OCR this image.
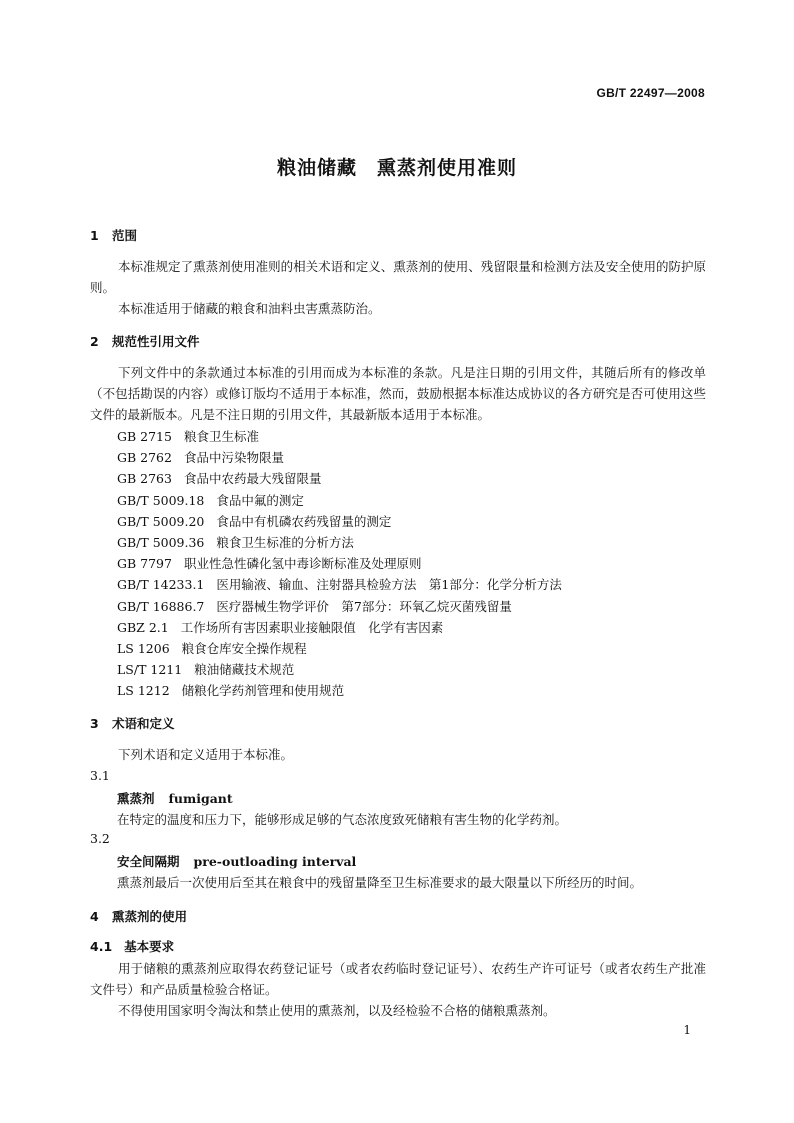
GB/T 22497—2008
粮油储藏　熏蒸剂使用准则
1 范围
本标准规定了熏蒸剂使用准则的相关术语和定义、熏蒸剂的使用、残留限量和检测方法及安全使用的防护原则。
本标准适用于储藏的粮食和油料虫害熏蒸防治。
2 规范性引用文件
下列文件中的条款通过本标准的引用而成为本标准的条款。凡是注日期的引用文件，其随后所有的修改单（不包括勘误的内容）或修订版均不适用于本标准，然而，鼓励根据本标准达成协议的各方研究是否可使用这些文件的最新版本。凡是不注日期的引用文件，其最新版本适用于本标准。
GB 2715 粮食卫生标准
GB 2762 食品中污染物限量
GB 2763 食品中农药最大残留限量
GB/T 5009.18 食品中氟的测定
GB/T 5009.20 食品中有机磷农药残留量的测定
GB/T 5009.36 粮食卫生标准的分析方法
GB 7797 职业性急性磷化氢中毒诊断标准及处理原则
GB/T 14233.1 医用输液、输血、注射器具检验方法　第1部分：化学分析方法
GB/T 16886.7 医疗器械生物学评价　第7部分：环氧乙烷灭菌残留量
GBZ 2.1 工作场所有害因素职业接触限值　化学有害因素
LS 1206 粮食仓库安全操作规程
LS/T 1211 粮油储藏技术规范
LS 1212 储粮化学药剂管理和使用规范
3 术语和定义
下列术语和定义适用于本标准。
3.1
熏蒸剂 fumigant
在特定的温度和压力下，能够形成足够的气态浓度致死储粮有害生物的化学药剂。
3.2
安全间隔期 pre-outloading interval
熏蒸剂最后一次使用后至其在粮食中的残留量降至卫生标准要求的最大限量以下所经历的时间。
4 熏蒸剂的使用
4.1 基本要求
用于储粮的熏蒸剂应取得农药登记证号（或者农药临时登记证号）、农药生产许可证号（或者农药生产批准文件号）和产品质量检验合格证。
不得使用国家明令淘汰和禁止使用的熏蒸剂，以及经检验不合格的储粮熏蒸剂。
1
